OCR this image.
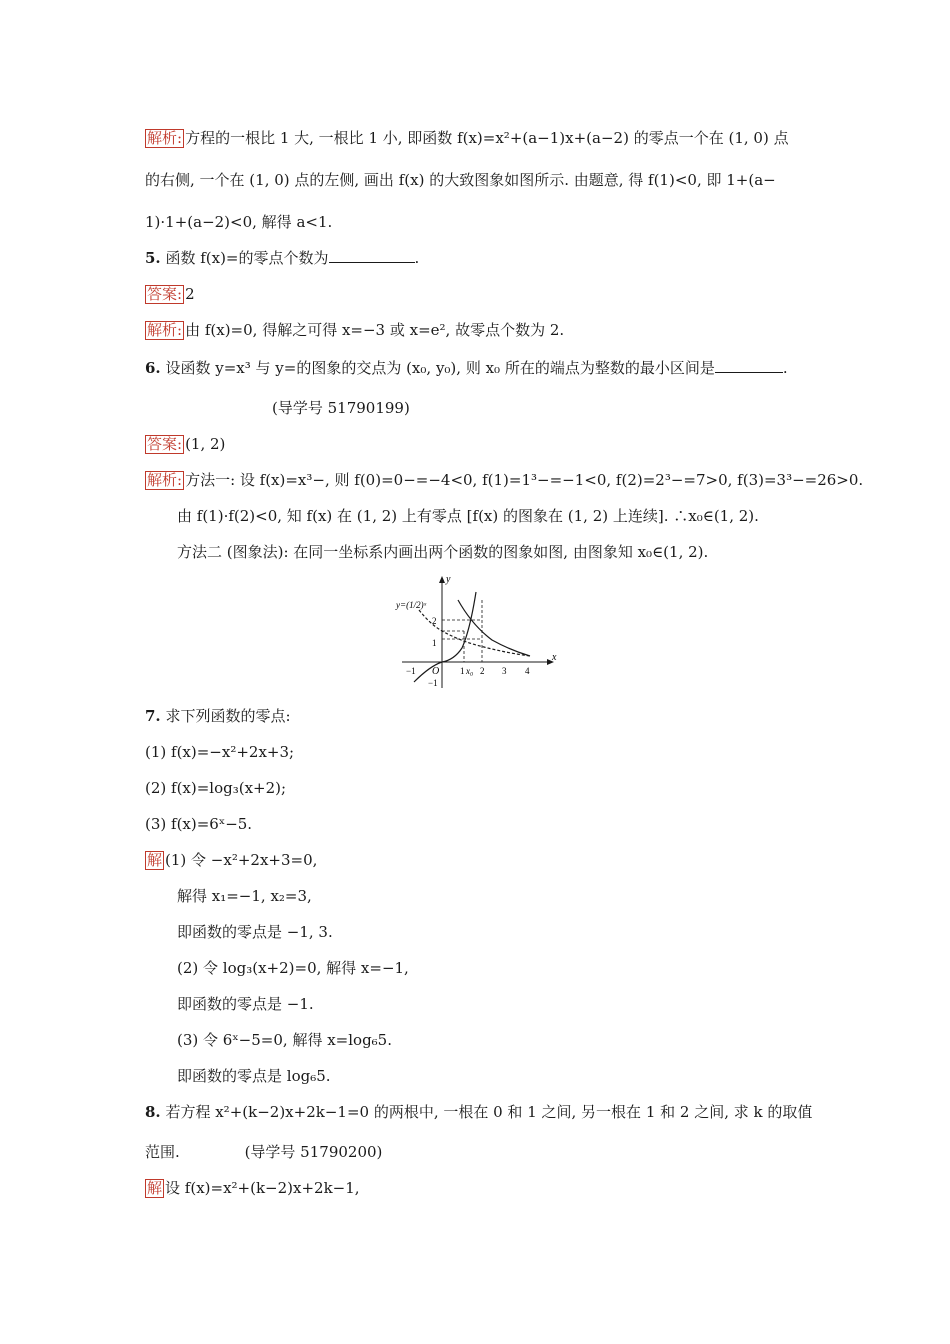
解析: 方程的一根比 1 大, 一根比 1 小, 即函数 f(x)=x²+(a−1)x+(a−2) 的零点一个在 (1, 0) 点
的右侧, 一个在 (1, 0) 点的左侧, 画出 f(x) 的大致图象如图所示. 由题意, 得 f(1)<0, 即 1+(a−
1)·1+(a−2)<0, 解得 a<1.
5. 函数 f(x)=的零点个数为	.
答案: 2
解析: 由 f(x)=0, 得解之可得 x=−3 或 x=e², 故零点个数为 2.
6. 设函数 y=x³ 与 y=的图象的交点为 (x₀, y₀), 则 x₀ 所在的端点为整数的最小区间是	.
(导学号 51790199)
答案: (1, 2)
解析: 方法一: 设 f(x)=x³−, 则 f(0)=0−=−4<0, f(1)=1³−=−1<0, f(2)=2³−=7>0, f(3)=3³−=26>0.
由 f(1)·f(2)<0, 知 f(x) 在 (1, 2) 上有零点 [f(x) 的图象在 (1, 2) 上连续]. ∴x₀∈(1, 2).
方法二 (图象法): 在同一坐标系内画出两个函数的图象如图, 由图象知 x₀∈(1, 2).
y=(1/2)ˣ
y
x
O	x₀
−1	1 2 3 4
2
1
−1
7. 求下列函数的零点:
(1) f(x)=−x²+2x+3;
(2) f(x)=log₃(x+2);
(3) f(x)=6ˣ−5.
解 (1) 令 −x²+2x+3=0,
解得 x₁=−1, x₂=3,
即函数的零点是 −1, 3.
(2) 令 log₃(x+2)=0, 解得 x=−1,
即函数的零点是 −1.
(3) 令 6ˣ−5=0, 解得 x=log₆5.
即函数的零点是 log₆5.
8. 若方程 x²+(k−2)x+2k−1=0 的两根中, 一根在 0 和 1 之间, 另一根在 1 和 2 之间, 求 k 的取值
范围.	(导学号 51790200)
解 设 f(x)=x²+(k−2)x+2k−1,
